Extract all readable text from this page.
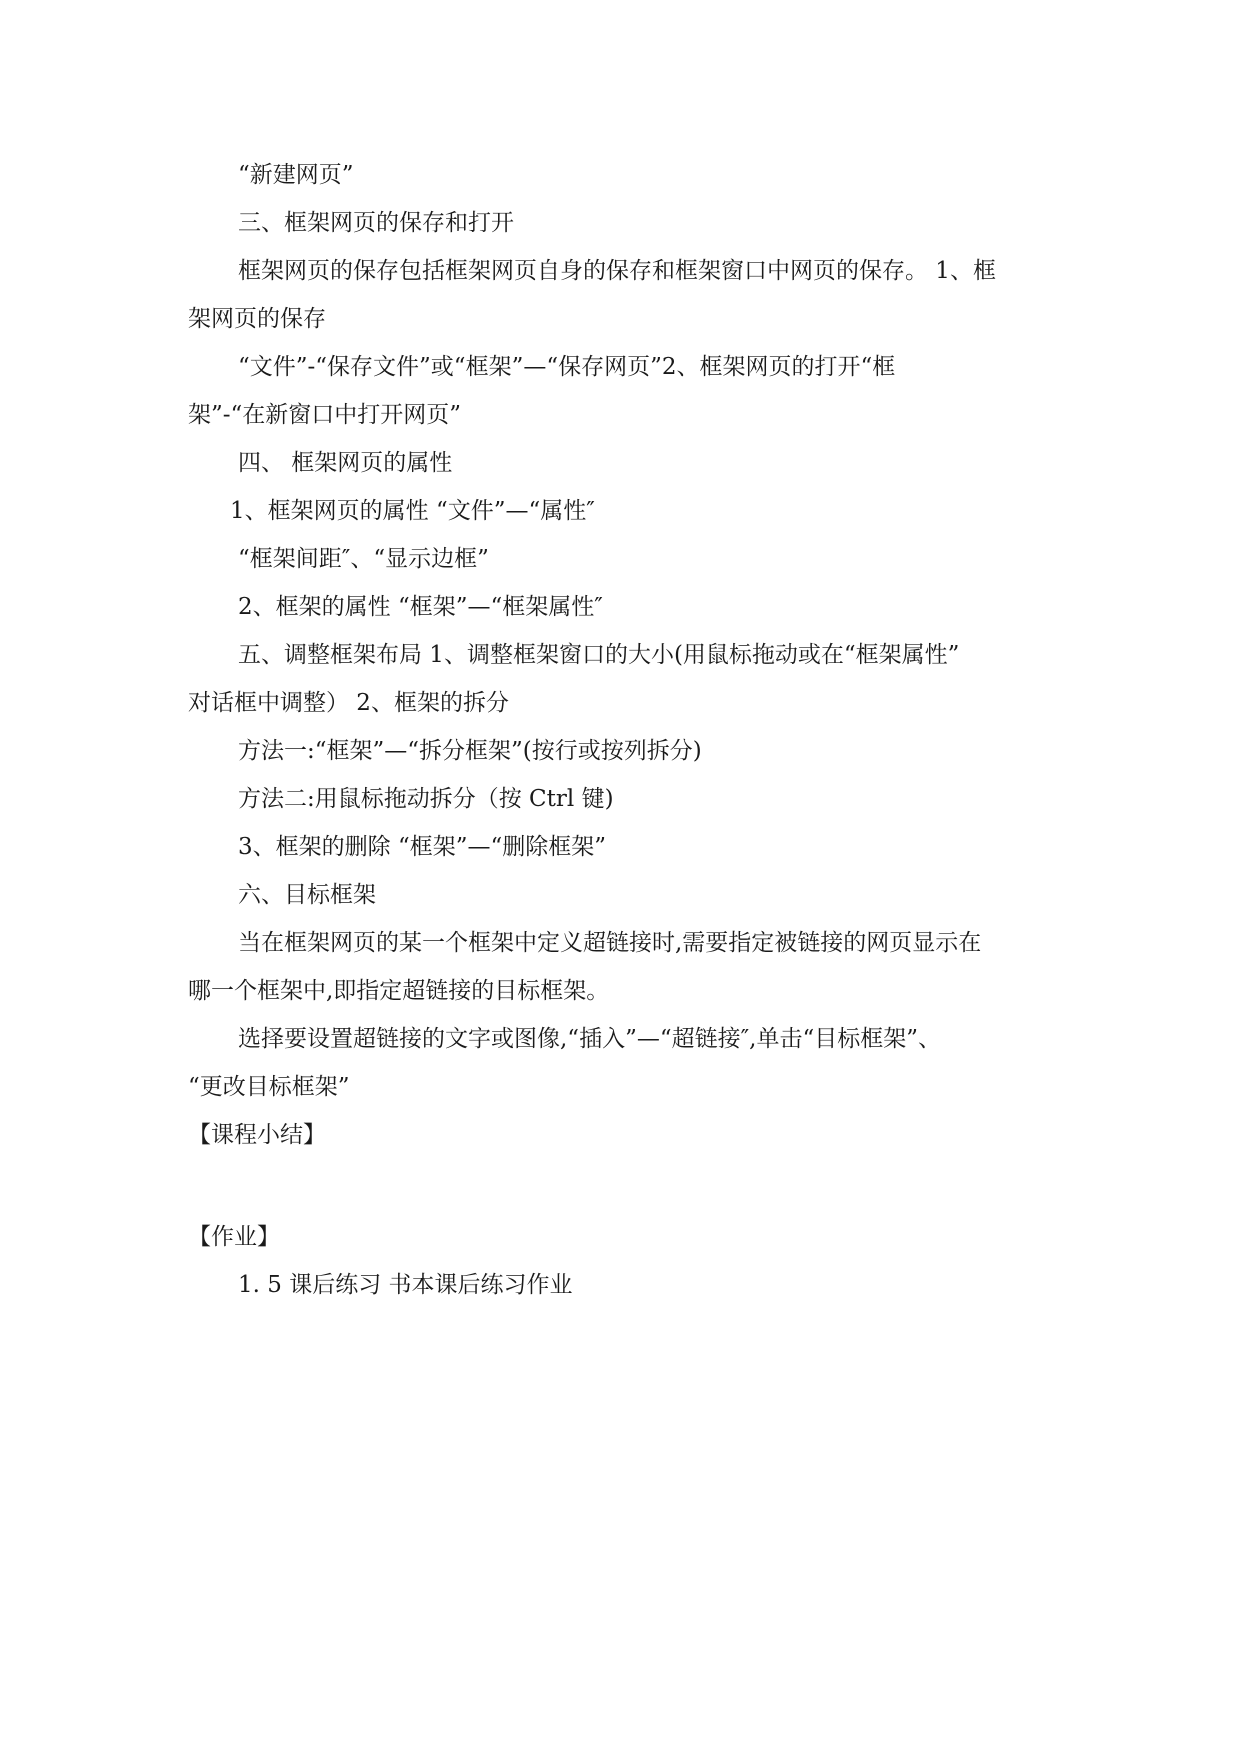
“新建网页”
三、框架网页的保存和打开
框架网页的保存包括框架网页自身的保存和框架窗口中网页的保存。 1、框
架网页的保存
“文件”-“保存文件”或“框架”—“保存网页”2、框架网页的打开“框
架”-“在新窗口中打开网页”
四、 框架网页的属性
1、框架网页的属性 “文件”—“属性″
“框架间距″、“显示边框”
2、框架的属性 “框架”—“框架属性″
五、调整框架布局 1、调整框架窗口的大小(用鼠标拖动或在“框架属性”
对话框中调整） 2、框架的拆分
方法一:“框架”—“拆分框架”(按行或按列拆分)
方法二:用鼠标拖动拆分（按 Ctrl 键)
3、框架的删除 “框架”—“删除框架”
六、目标框架
当在框架网页的某一个框架中定义超链接时,需要指定被链接的网页显示在
哪一个框架中,即指定超链接的目标框架。
选择要设置超链接的文字或图像,“插入”—“超链接″,单击“目标框架”、
“更改目标框架”
【课程小结】
【作业】
1. 5 课后练习 书本课后练习作业
